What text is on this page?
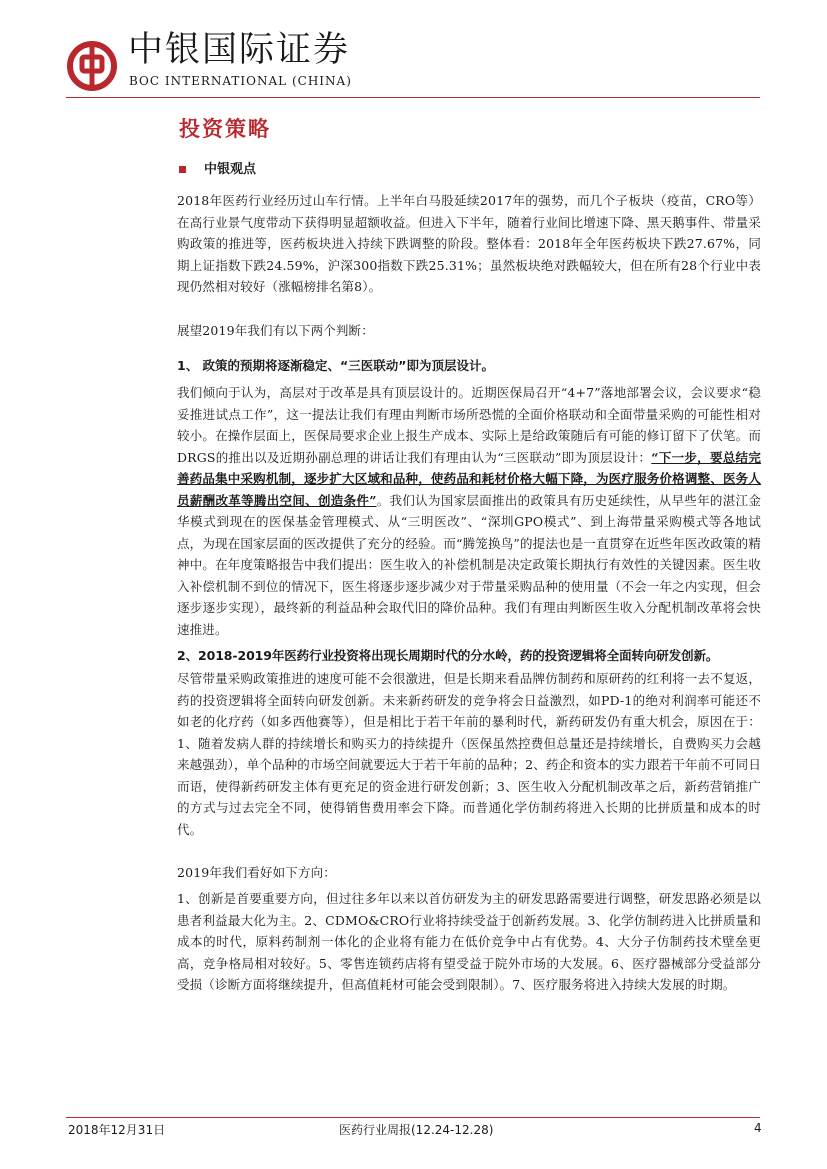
中银国际证券
BOC INTERNATIONAL (CHINA)
投资策略
中银观点

2018年医药行业经历过山车行情。上半年白马股延续2017年的强势，而几个子板块（疫苗，CRO等）在高行业景气度带动下获得明显超额收益。但进入下半年，随着行业间比增速下降、黑天鹅事件、带量采购政策的推进等，医药板块进入持续下跌调整的阶段。整体看：2018年全年医药板块下跌27.67%，同期上证指数下跌24.59%，沪深300指数下跌25.31%；虽然板块绝对跌幅较大，但在所有28个行业中表现仍然相对较好（涨幅榜排名第8）。

展望2019年我们有以下两个判断：

1、 政策的预期将逐渐稳定、“三医联动”即为顶层设计。

我们倾向于认为，高层对于改革是具有顶层设计的。近期医保局召开“4+7”落地部署会议，会议要求“稳妥推进试点工作”，这一提法让我们有理由判断市场所恐慌的全面价格联动和全面带量采购的可能性相对较小。在操作层面上，医保局要求企业上报生产成本、实际上是给政策随后有可能的修订留下了伏笔。而DRGS的推出以及近期孙副总理的讲话让我们有理由认为“三医联动”即为顶层设计：“下一步，要总结完善药品集中采购机制，逐步扩大区域和品种，使药品和耗材价格大幅下降，为医疗服务价格调整、医务人员薪酬改革等腾出空间、创造条件”。我们认为国家层面推出的政策具有历史延续性，从早些年的湛江金华模式到现在的医保基金管理模式、从“三明医改”、“深圳GPO模式”、到上海带量采购模式等各地试点，为现在国家层面的医改提供了充分的经验。而“腾笼换鸟”的提法也是一直贯穿在近些年医改政策的精神中。在年度策略报告中我们提出：医生收入的补偿机制是决定政策长期执行有效性的关键因素。医生收入补偿机制不到位的情况下，医生将逐步逐步减少对于带量采购品种的使用量（不会一年之内实现，但会逐步逐步实现），最终新的利益品种会取代旧的降价品种。我们有理由判断医生收入分配机制改革将会快速推进。

2、2018-2019年医药行业投资将出现长周期时代的分水岭，药的投资逻辑将全面转向研发创新。

尽管带量采购政策推进的速度可能不会很激进，但是长期来看品牌仿制药和原研药的红利将一去不复返，药的投资逻辑将全面转向研发创新。未来新药研发的竞争将会日益激烈，如PD-1的绝对利润率可能还不如老的化疗药（如多西他赛等），但是相比于若干年前的暴利时代，新药研发仍有重大机会，原因在于：1、随着发病人群的持续增长和购买力的持续提升（医保虽然控费但总量还是持续增长，自费购买力会越来越强劲），单个品种的市场空间就要远大于若干年前的品种；2、药企和资本的实力跟若干年前不可同日而语，使得新药研发主体有更充足的资金进行研发创新；3、医生收入分配机制改革之后，新药营销推广的方式与过去完全不同，使得销售费用率会下降。而普通化学仿制药将进入长期的比拼质量和成本的时代。

2019年我们看好如下方向：

1、创新是首要重要方向，但过往多年以来以首仿研发为主的研发思路需要进行调整，研发思路必须是以患者利益最大化为主。2、CDMO&CRO行业将持续受益于创新药发展。3、化学仿制药进入比拼质量和成本的时代，原料药制剂一体化的企业将有能力在低价竞争中占有优势。4、大分子仿制药技术壁垒更高，竞争格局相对较好。5、零售连锁药店将有望受益于院外市场的大发展。6、医疗器械部分受益部分受损（诊断方面将继续提升，但高值耗材可能会受到限制）。7、医疗服务将进入持续大发展的时期。

2018年12月31日	医药行业周报(12.24-12.28)	4
